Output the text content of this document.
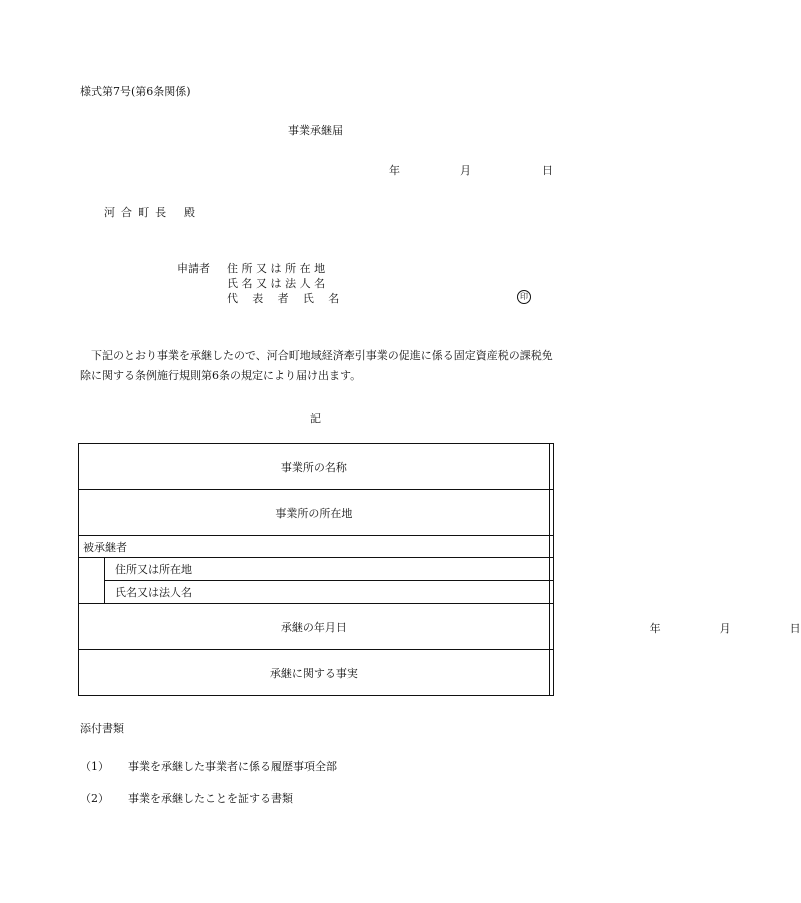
様式第7号(第6条関係)
事業承継届
年	月	日
河合町長 殿
申請者 住所又は所在地
氏名又は法人名
代表者氏名	印
下記のとおり事業を承継したので、河合町地域経済牽引事業の促進に係る固定資産税の課税免除に関する条例施行規則第6条の規定により届け出ます。
記
事業所の名称		
事業所の所在地		
被承継者		
	住所又は所在地	
	氏名又は法人名	
承継の年月日		年 月 日

承継に関する事実		
添付書類
（1） 事業を承継した事業者に係る履歴事項全部
（2） 事業を承継したことを証する書類
